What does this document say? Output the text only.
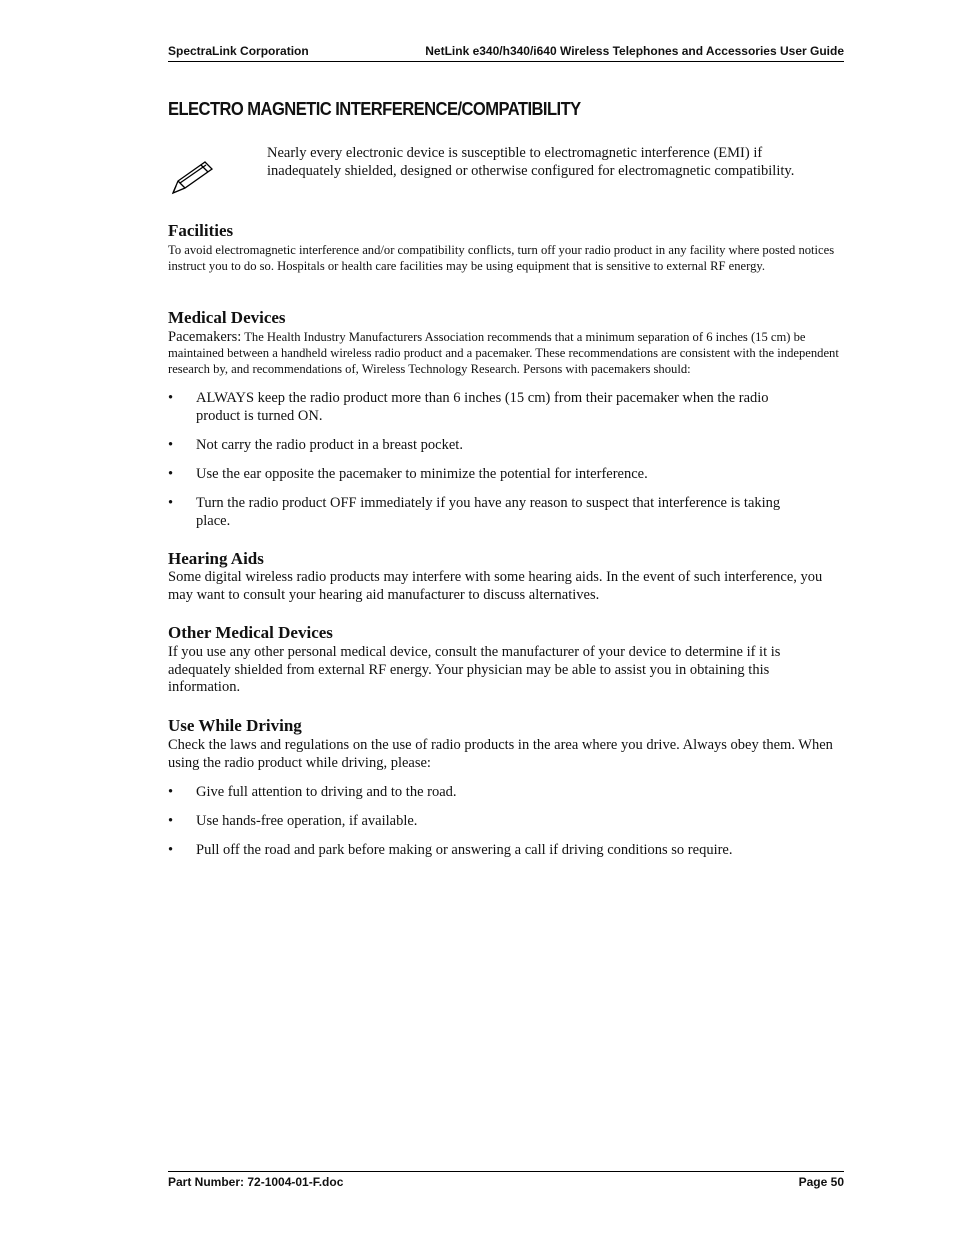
SpectraLink Corporation	NetLink e340/h340/i640 Wireless Telephones and Accessories User Guide
ELECTRO MAGNETIC INTERFERENCE/COMPATIBILITY

Nearly every electronic device is susceptible to electromagnetic interference (EMI) if inadequately shielded, designed or otherwise configured for electromagnetic compatibility.

Facilities

To avoid electromagnetic interference and/or compatibility conflicts, turn off your radio product in any facility where posted notices instruct you to do so. Hospitals or health care facilities may be using equipment that is sensitive to external RF energy.

Medical Devices

Pacemakers: The Health Industry Manufacturers Association recommends that a minimum separation of 6 inches (15 cm) be maintained between a handheld wireless radio product and a pacemaker. These recommendations are consistent with the independent research by, and recommendations of, Wireless Technology Research. Persons with pacemakers should:

• ALWAYS keep the radio product more than 6 inches (15 cm) from their pacemaker when the radio product is turned ON.
• Not carry the radio product in a breast pocket.
• Use the ear opposite the pacemaker to minimize the potential for interference.
• Turn the radio product OFF immediately if you have any reason to suspect that interference is taking place.
Hearing Aids

Some digital wireless radio products may interfere with some hearing aids. In the event of such interference, you may want to consult your hearing aid manufacturer to discuss alternatives.

Other Medical Devices

If you use any other personal medical device, consult the manufacturer of your device to determine if it is adequately shielded from external RF energy. Your physician may be able to assist you in obtaining this information.

Use While Driving

Check the laws and regulations on the use of radio products in the area where you drive. Always obey them. When using the radio product while driving, please:

• Give full attention to driving and to the road.
• Use hands-free operation, if available.
• Pull off the road and park before making or answering a call if driving conditions so require.
Part Number: 72-1004-01-F.doc	Page 50
